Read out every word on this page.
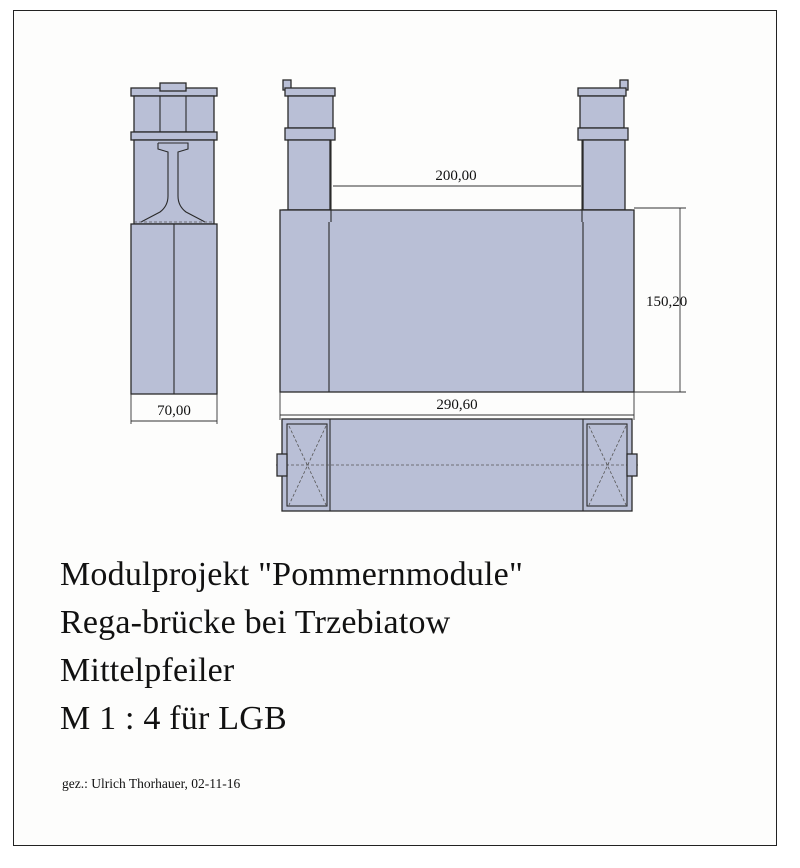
70,00
200,00
150,20
290,60
Modulprojekt "Pommernmodule"
Rega-brücke bei Trzebiatow
Mittelpfeiler
M 1 : 4 für LGB
gez.: Ulrich Thorhauer, 02-11-16
